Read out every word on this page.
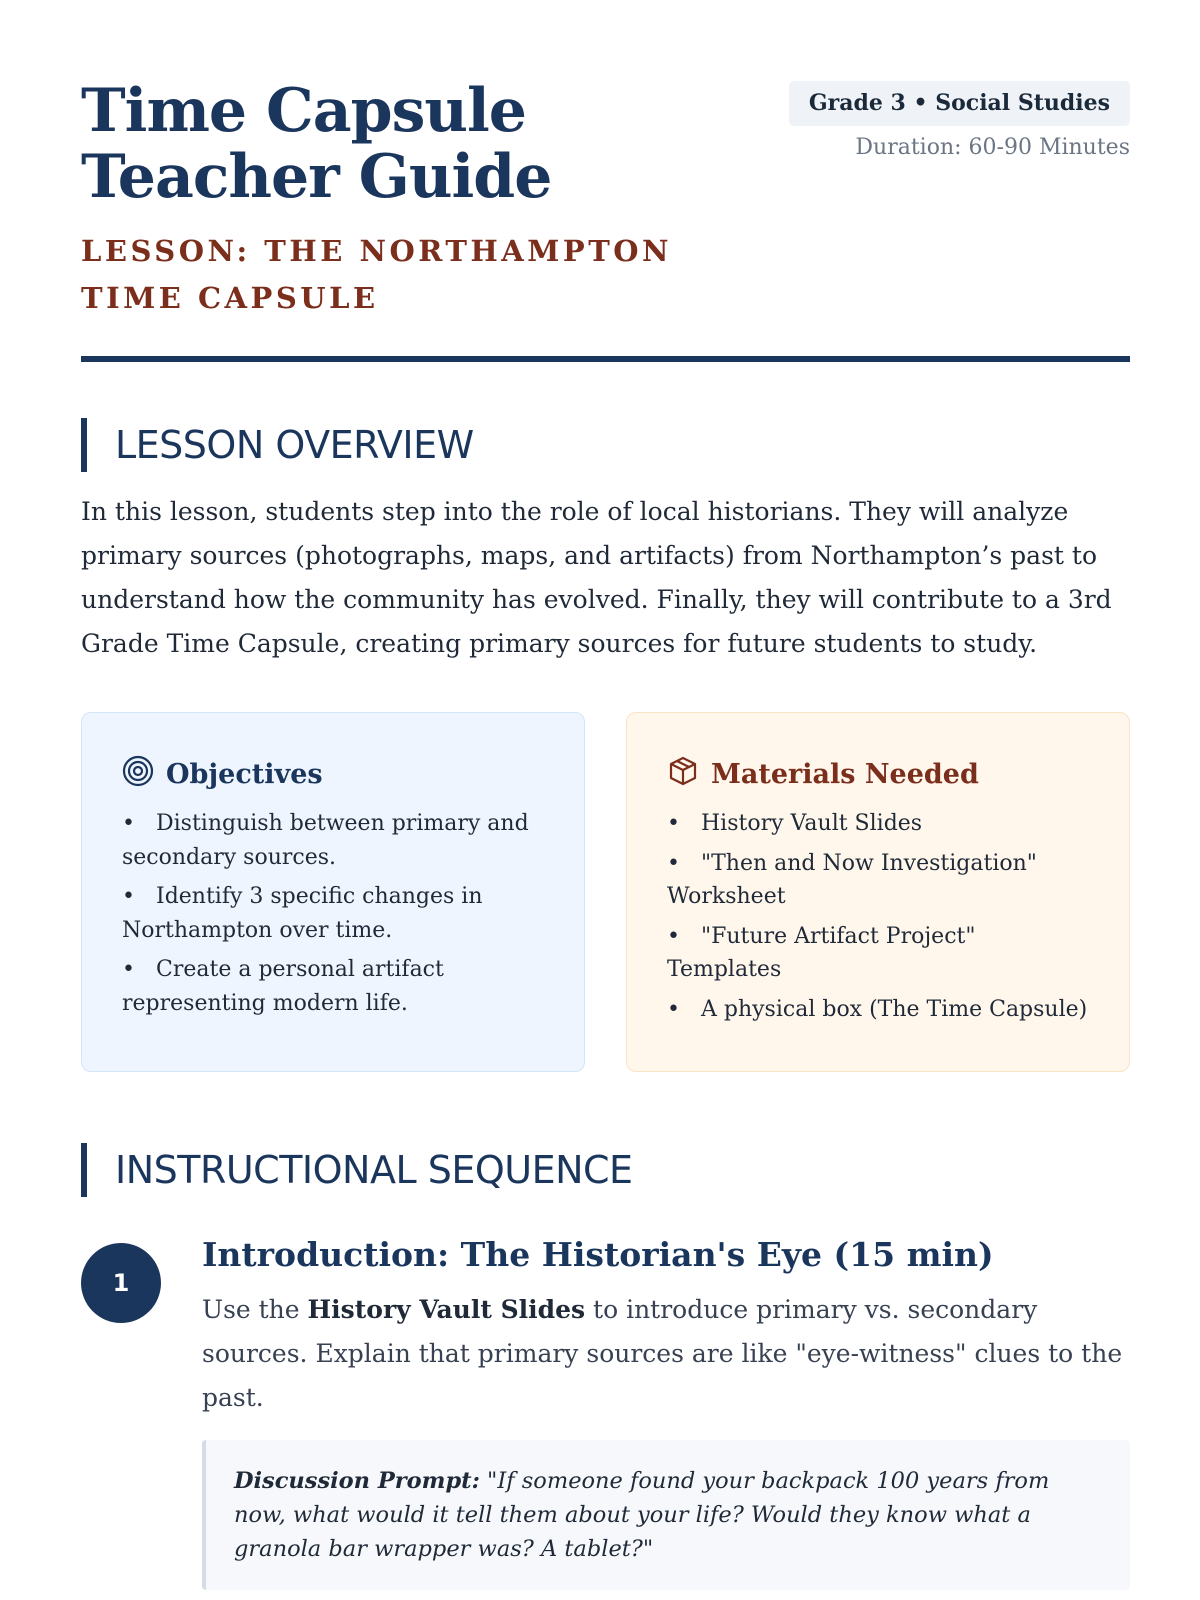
Time Capsule Teacher Guide
LESSON: THE NORTHAMPTON TIME CAPSULE
Grade 3 • Social Studies
Duration: 60-90 Minutes
LESSON OVERVIEW

In this lesson, students step into the role of local historians. They will analyze primary sources (photographs, maps, and artifacts) from Northampton’s past to understand how the community has evolved. Finally, they will contribute to a 3rd Grade Time Capsule, creating primary sources for future students to study.

Objectives
• Distinguish between primary and secondary sources.
• Identify 3 specific changes in Northampton over time.
• Create a personal artifact representing modern life.
Materials Needed
• History Vault Slides
• "Then and Now Investigation" Worksheet
• "Future Artifact Project" Templates
• A physical box (The Time Capsule)
INSTRUCTIONAL SEQUENCE
1
Introduction: The Historian's Eye (15 min)

Use the History Vault Slides to introduce primary vs. secondary sources. Explain that primary sources are like "eye-witness" clues to the past.

Discussion Prompt: "If someone found your backpack 100 years from now, what would it tell them about your life? Would they know what a granola bar wrapper was? A tablet?"
